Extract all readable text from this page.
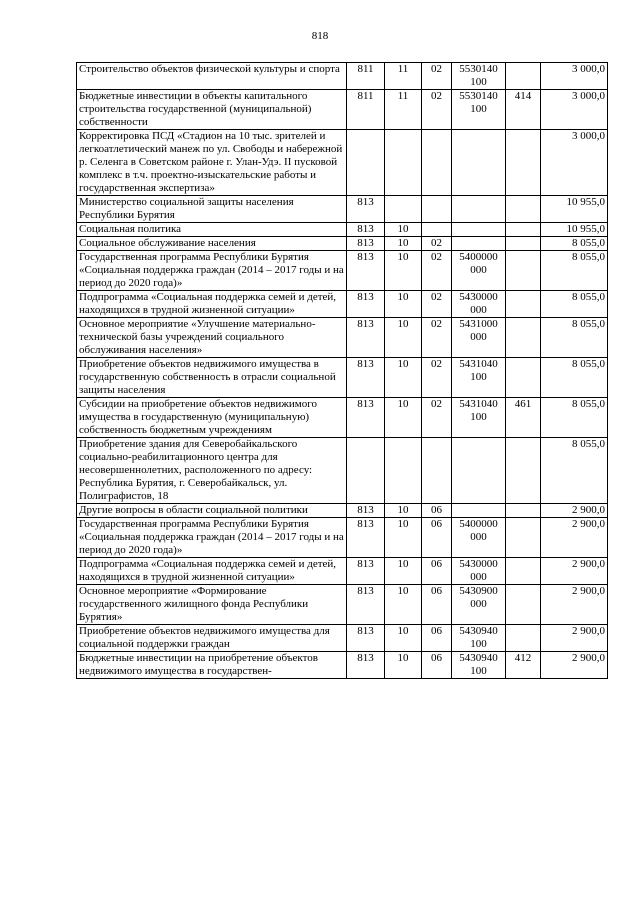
818
Строительство объектов физической культуры и спорта	811	11	02	5530140 100		3 000,0
Бюджетные инвестиции в объекты капитального строительства государственной (муниципальной) собственности	811	11	02	5530140 100	414	3 000,0
Корректировка ПСД «Стадион на 10 тыс. зрителей и легкоатлетический манеж по ул. Свободы и набережной р. Селенга в Советском районе г. Улан-Удэ. II пусковой комплекс в т.ч. проектно-изыскательские работы и государственная экспертиза»						3 000,0
Министерство социальной защиты населения Республики Бурятия	813					10 955,0
Социальная политика	813	10				10 955,0
Социальное обслуживание населения	813	10	02			8 055,0
Государственная программа Республики Бурятия «Социальная поддержка граждан (2014 – 2017 годы и на период до 2020 года)»	813	10	02	5400000 000		8 055,0
Подпрограмма «Социальная поддержка семей и детей, находящихся в трудной жизненной ситуации»	813	10	02	5430000 000		8 055,0
Основное мероприятие «Улучшение материально-технической базы учреждений социального обслуживания населения»	813	10	02	5431000 000		8 055,0
Приобретение объектов недвижимого имущества в государственную собственность в отрасли социальной защиты населения	813	10	02	5431040 100		8 055,0
Субсидии на приобретение объектов недвижимого имущества в государственную (муниципальную) собственность бюджетным учреждениям	813	10	02	5431040 100	461	8 055,0
Приобретение здания для Северобайкальского социально-реабилитационного центра для несовершеннолетних, расположенного по адресу: Республика Бурятия, г. Северобайкальск, ул. Полиграфистов, 18						8 055,0
Другие вопросы в области социальной политики	813	10	06			2 900,0
Государственная программа Республики Бурятия «Социальная поддержка граждан (2014 – 2017 годы и на период до 2020 года)»	813	10	06	5400000 000		2 900,0
Подпрограмма «Социальная поддержка семей и детей, находящихся в трудной жизненной ситуации»	813	10	06	5430000 000		2 900,0
Основное мероприятие «Формирование государственного жилищного фонда Республики Бурятия»	813	10	06	5430900 000		2 900,0
Приобретение объектов недвижимого имущества для социальной поддержки граждан	813	10	06	5430940 100		2 900,0
Бюджетные инвестиции на приобретение объектов недвижимого имущества в государствен-	813	10	06	5430940 100	412	2 900,0
